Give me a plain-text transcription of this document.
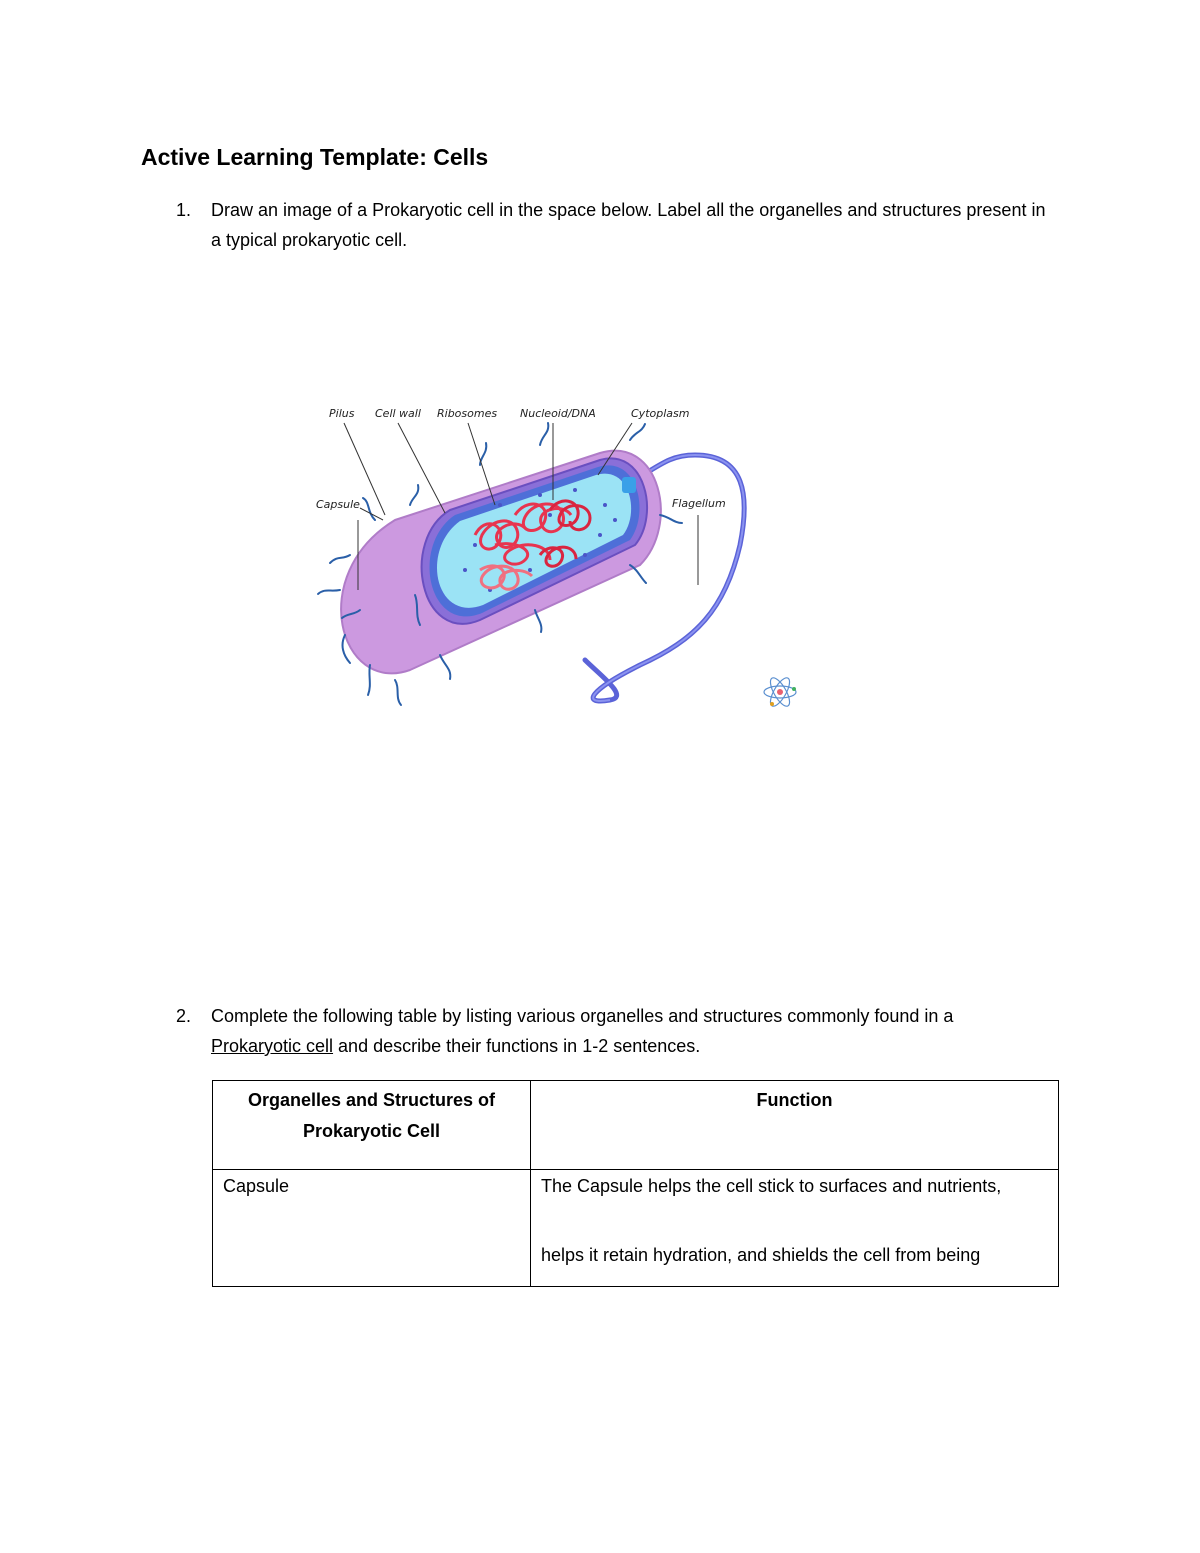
Active Learning Template: Cells
1. Draw an image of a Prokaryotic cell in the space below. Label all the organelles and structures present in a typical prokaryotic cell.
Pilus Cell wall Ribosomes Nucleoid/DNA	Cytoplasm
Capsule	Flagellum
2. Complete the following table by listing various organelles and structures commonly found in a Prokaryotic cell and describe their functions in 1-2 sentences.
Organelles and Structures of Prokaryotic Cell	Function
Capsule	The Capsule helps the cell stick to surfaces and nutrients,
helps it retain hydration, and shields the cell from being
